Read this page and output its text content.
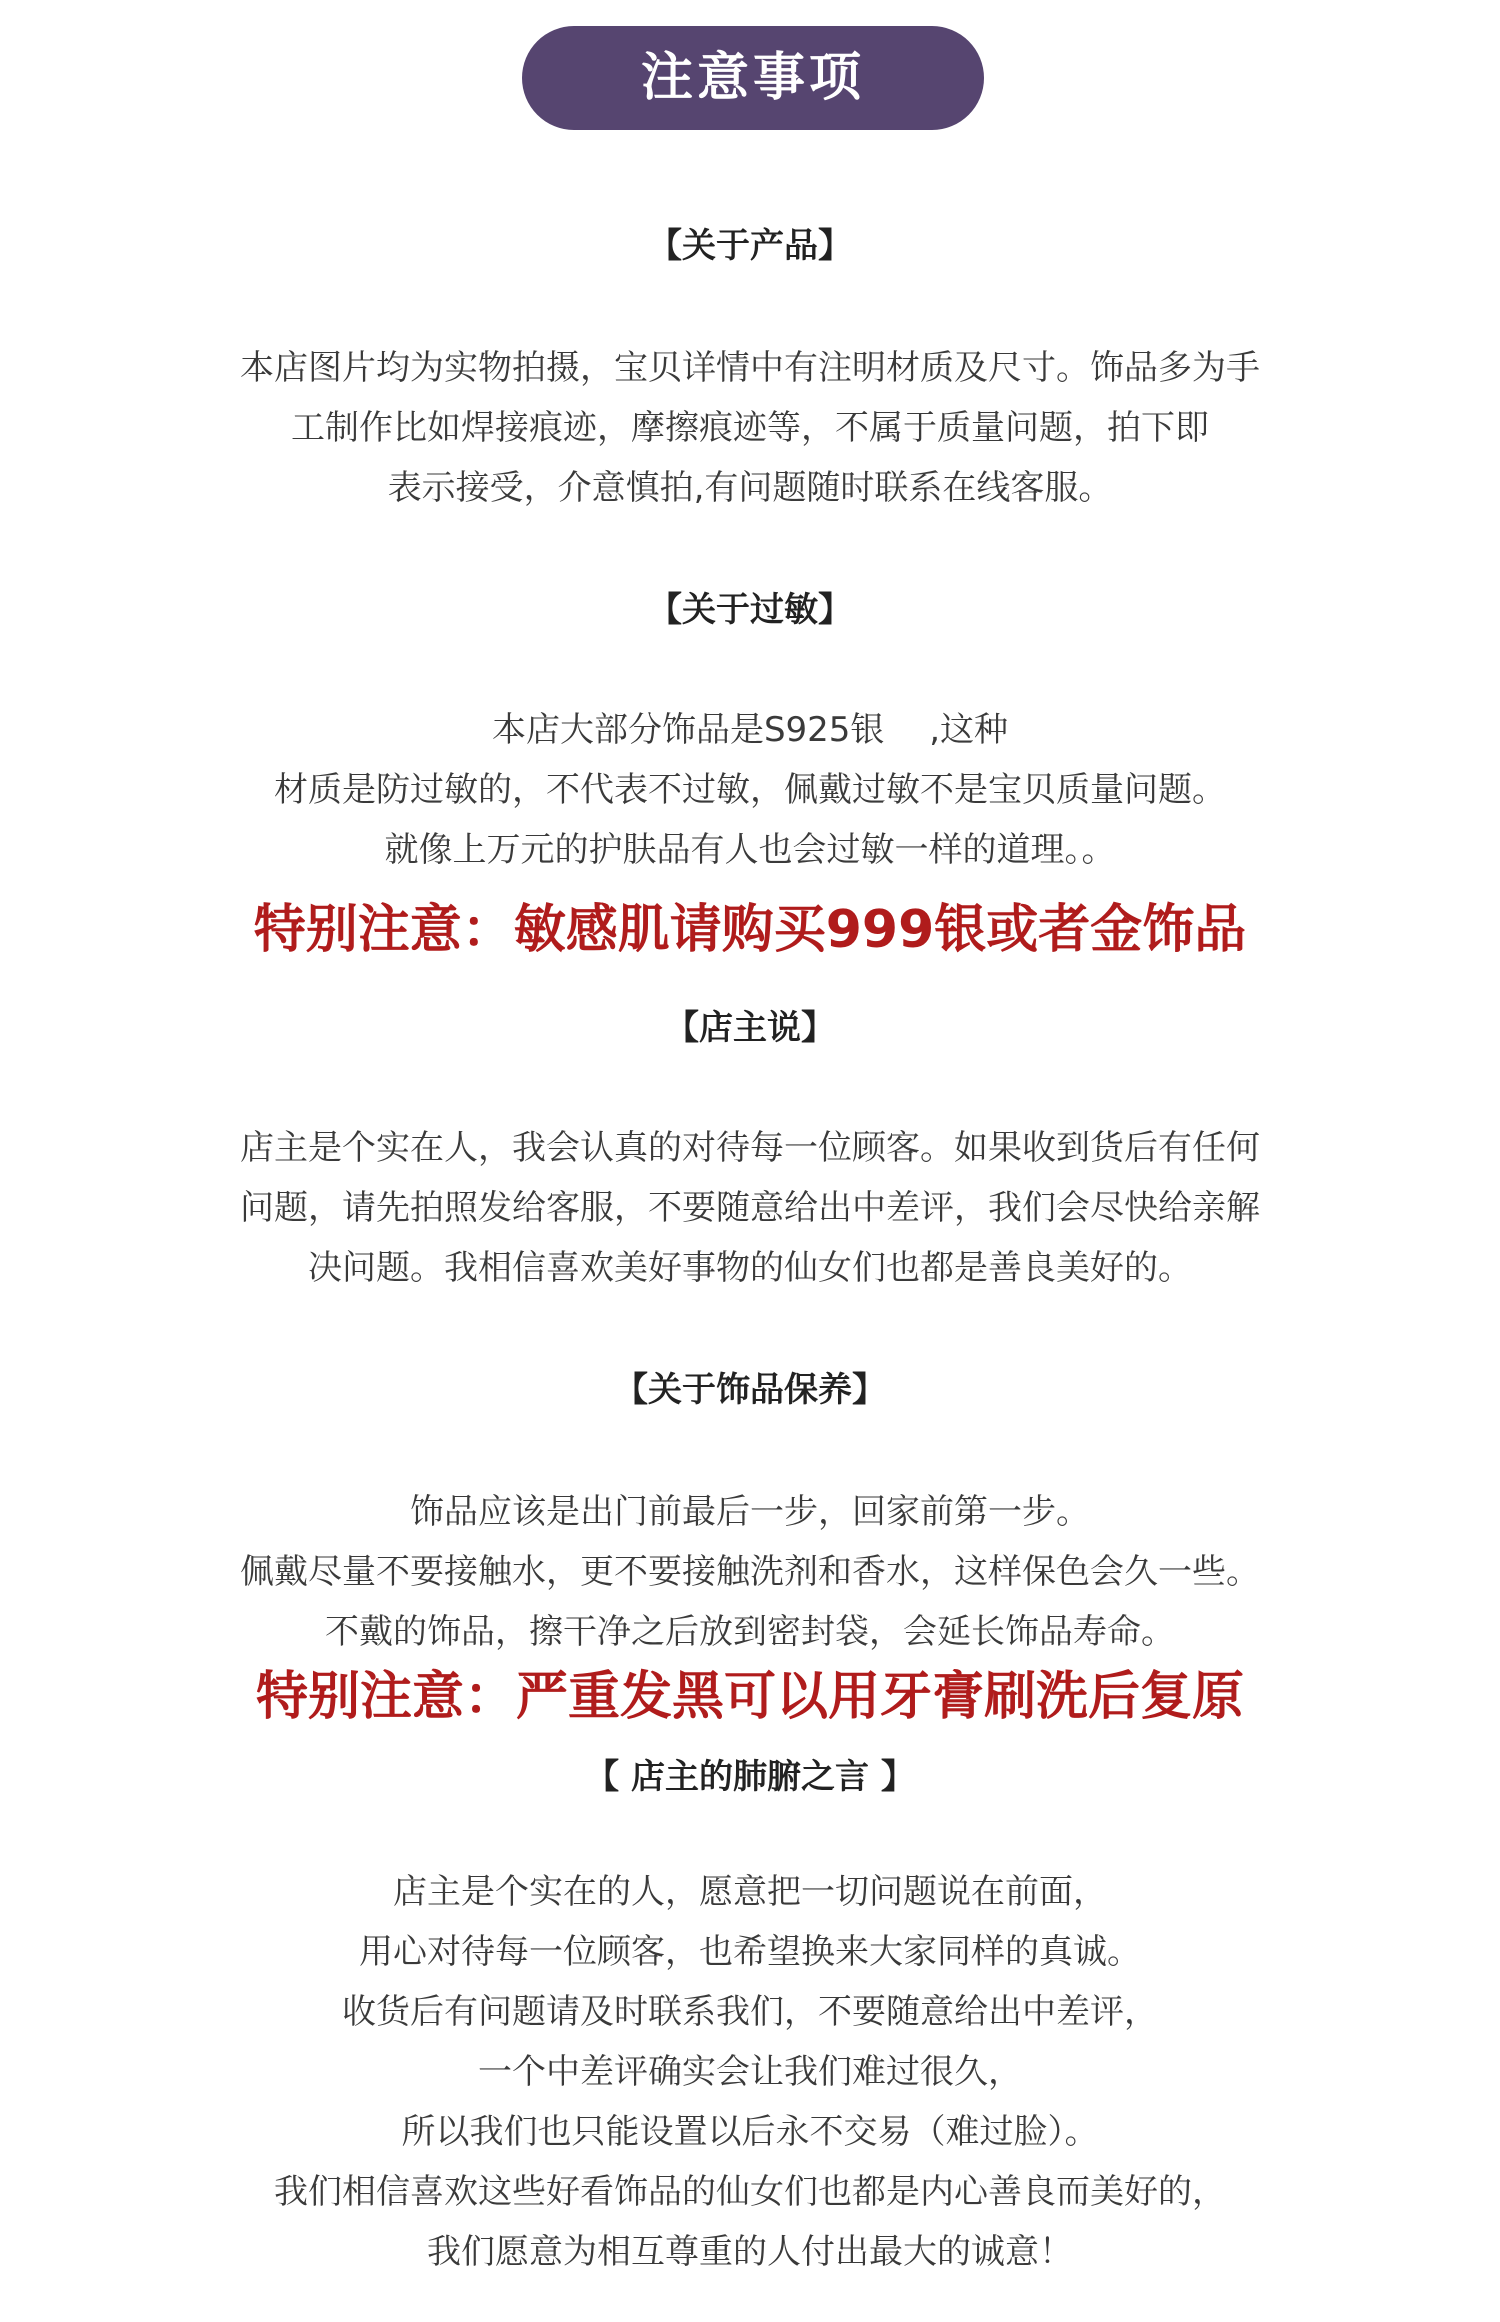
注意事项
【关于产品】
本店图片均为实物拍摄，宝贝详情中有注明材质及尺寸。饰品多为手
工制作比如焊接痕迹，摩擦痕迹等，不属于质量问题，拍下即
表示接受，介意慎拍,有问题随时联系在线客服。
【关于过敏】
本店大部分饰品是S925银　 ,这种
材质是防过敏的，不代表不过敏，佩戴过敏不是宝贝质量问题。
就像上万元的护肤品有人也会过敏一样的道理。。
特别注意：敏感肌请购买999银或者金饰品
【店主说】
店主是个实在人，我会认真的对待每一位顾客。如果收到货后有任何
问题，请先拍照发给客服，不要随意给出中差评，我们会尽快给亲解
决问题。我相信喜欢美好事物的仙女们也都是善良美好的。
【关于饰品保养】
饰品应该是出门前最后一步，回家前第一步。
佩戴尽量不要接触水，更不要接触洗剂和香水，这样保色会久一些。
不戴的饰品，擦干净之后放到密封袋，会延长饰品寿命。
特别注意：严重发黑可以用牙膏刷洗后复原
【 店主的肺腑之言 】
店主是个实在的人，愿意把一切问题说在前面，
用心对待每一位顾客，也希望换来大家同样的真诚。
收货后有问题请及时联系我们，不要随意给出中差评，
一个中差评确实会让我们难过很久，
所以我们也只能设置以后永不交易（难过脸）。
我们相信喜欢这些好看饰品的仙女们也都是内心善良而美好的，
我们愿意为相互尊重的人付出最大的诚意！
